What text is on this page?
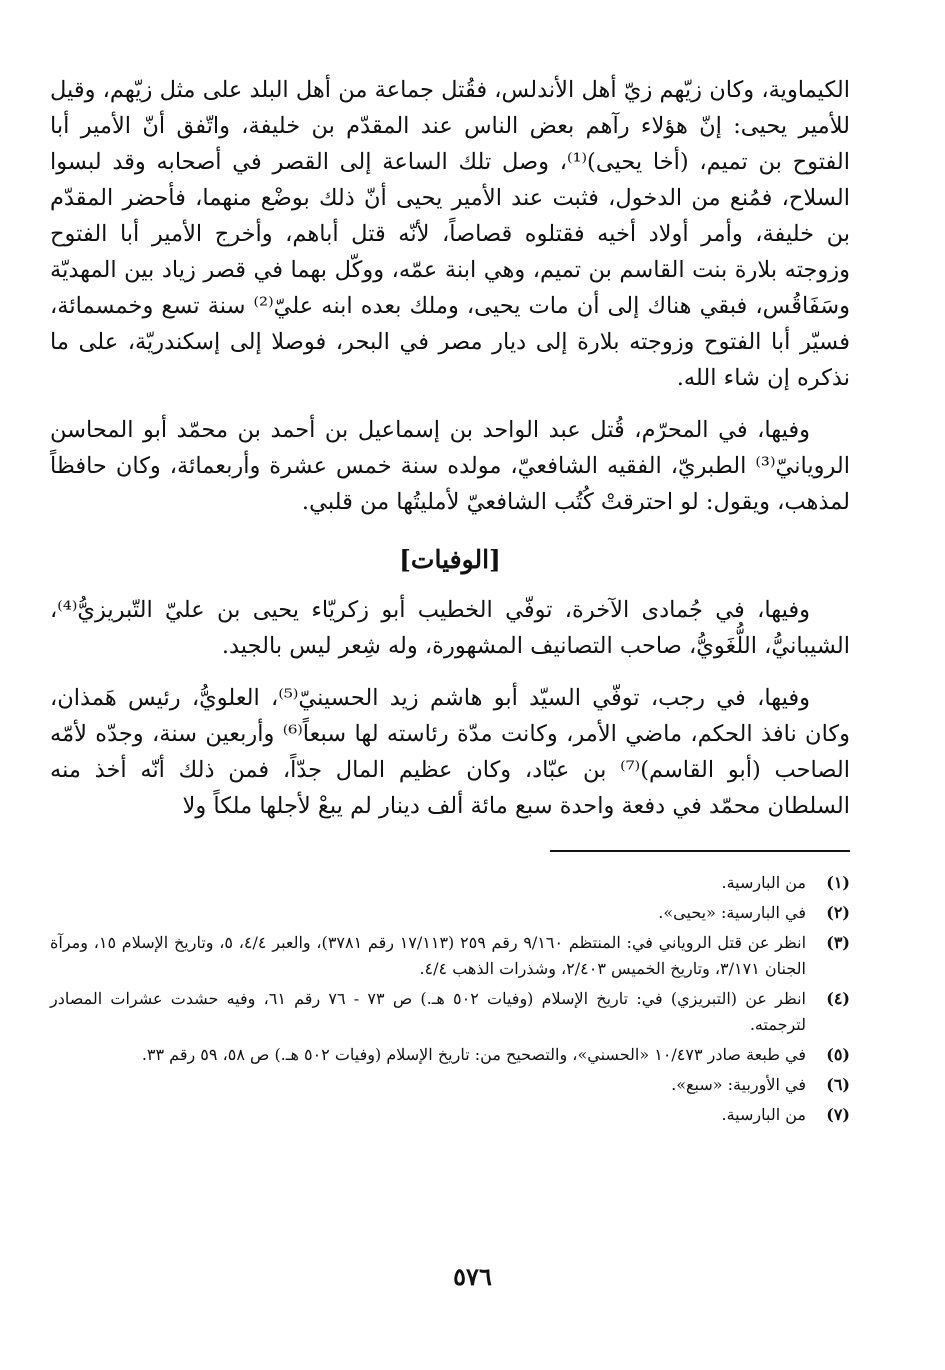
الكيماوية، وكان زيّهم زيّ أهل الأندلس، فقُتل جماعة من أهل البلد على مثل زيّهم، وقيل للأمير يحيى: إنّ هؤلاء رآهم بعض الناس عند المقدّم بن خليفة، واتّفق أنّ الأمير أبا الفتوح بن تميم، (أخا يحيى)⁽¹⁾، وصل تلك الساعة إلى القصر في أصحابه وقد لبسوا السلاح، فمُنع من الدخول، فثبت عند الأمير يحيى أنّ ذلك بوضْع منهما، فأحضر المقدّم بن خليفة، وأمر أولاد أخيه فقتلوه قصاصاً، لأنّه قتل أباهم، وأخرج الأمير أبا الفتوح وزوجته بلارة بنت القاسم بن تميم، وهي ابنة عمّه، ووكّل بهما في قصر زياد بين المهديّة وسَفَاقُس، فبقي هناك إلى أن مات يحيى، وملك بعده ابنه عليّ⁽²⁾ سنة تسع وخمسمائة، فسيّر أبا الفتوح وزوجته بلارة إلى ديار مصر في البحر، فوصلا إلى إسكندريّة، على ما نذكره إن شاء الله.

وفيها، في المحرّم، قُتل عبد الواحد بن إسماعيل بن أحمد بن محمّد أبو المحاسن الرويانيّ⁽³⁾ الطبريّ، الفقيه الشافعيّ، مولده سنة خمس عشرة وأربعمائة، وكان حافظاً لمذهب، ويقول: لو احترقتْ كُتُب الشافعيّ لأمليتُها من قلبي.

[الوفيات]

وفيها، في جُمادى الآخرة، توفّي الخطيب أبو زكريّاء يحيى بن عليّ التّبريزيُّ⁽⁴⁾، الشيبانيُّ، اللُّغَويُّ، صاحب التصانيف المشهورة، وله شِعر ليس بالجيد.

وفيها، في رجب، توفّي السيّد أبو هاشم زيد الحسينيّ⁽⁵⁾، العلويُّ، رئيس هَمذان، وكان نافذ الحكم، ماضي الأمر، وكانت مدّة رئاسته لها سبعاً⁽⁶⁾ وأربعين سنة، وجدّه لأمّه الصاحب (أبو القاسم)⁽⁷⁾ بن عبّاد، وكان عظيم المال جدّاً، فمن ذلك أنّه أخذ منه السلطان محمّد في دفعة واحدة سبع مائة ألف دينار لم يبعْ لأجلها ملكاً ولا

(١)
من البارسية.
(٢)
في البارسية: «يحيى».
(٣)
انظر عن قتل الروياني في: المنتظم ٩/١٦٠ رقم ٢٥٩ (١٧/١١٣ رقم ٣٧٨١)، والعبر ٤/٤، ٥، وتاريخ الإسلام ١٥، ومرآة الجنان ٣/١٧١، وتاريخ الخميس ٢/٤٠٣، وشذرات الذهب ٤/٤.
(٤)
انظر عن (التبريزي) في: تاريخ الإسلام (وفيات ٥٠٢ هـ.) ص ٧٣ - ٧٦ رقم ٦١، وفيه حشدت عشرات المصادر لترجمته.
(٥)
في طبعة صادر ١٠/٤٧٣ «الحسني»، والتصحيح من: تاريخ الإسلام (وفيات ٥٠٢ هـ.) ص ٥٨، ٥٩ رقم ٣٣.
(٦)
في الأوربية: «سبع».
(٧)
من البارسية.
٥٧٦
